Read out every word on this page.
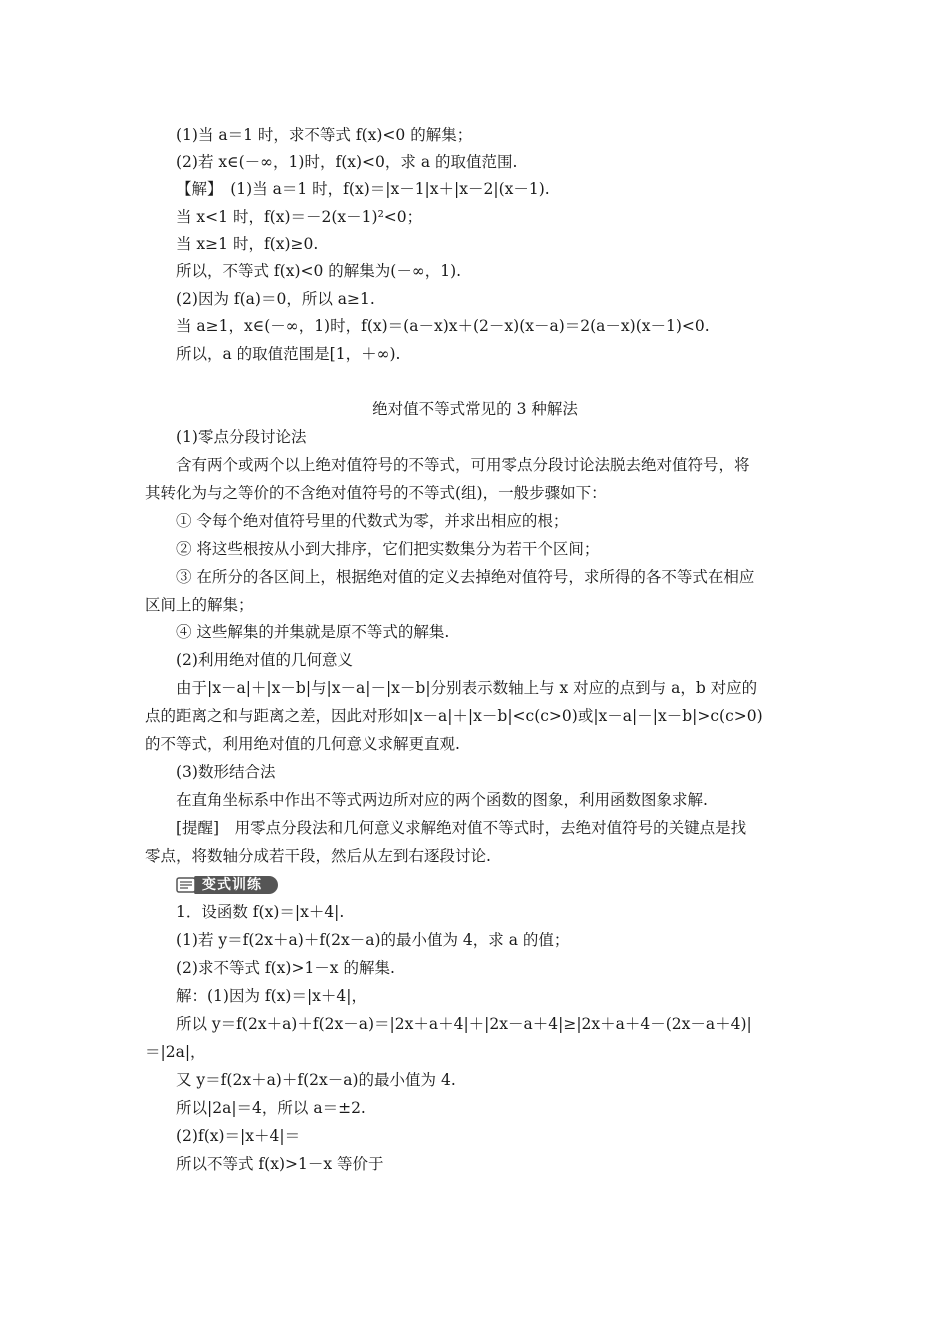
(1)当 a＝1 时，求不等式 f(x)<0 的解集；
(2)若 x∈(－∞，1)时，f(x)<0，求 a 的取值范围.
【解】　(1)当 a＝1 时，f(x)＝|x－1|x＋|x－2|(x－1).
当 x<1 时，f(x)＝－2(x－1)²<0；
当 x≥1 时，f(x)≥0.
所以，不等式 f(x)<0 的解集为(－∞，1).
(2)因为 f(a)＝0，所以 a≥1.
当 a≥1，x∈(－∞，1)时，f(x)＝(a－x)x＋(2－x)(x－a)＝2(a－x)(x－1)<0.
所以，a 的取值范围是[1，＋∞).
绝对值不等式常见的 3 种解法
(1)零点分段讨论法
含有两个或两个以上绝对值符号的不等式，可用零点分段讨论法脱去绝对值符号，将
其转化为与之等价的不含绝对值符号的不等式(组)，一般步骤如下：
① 令每个绝对值符号里的代数式为零，并求出相应的根；
② 将这些根按从小到大排序，它们把实数集分为若干个区间；
③ 在所分的各区间上，根据绝对值的定义去掉绝对值符号，求所得的各不等式在相应
区间上的解集；
④ 这些解集的并集就是原不等式的解集.
(2)利用绝对值的几何意义
由于|x－a|＋|x－b|与|x－a|－|x－b|分别表示数轴上与 x 对应的点到与 a，b 对应的
点的距离之和与距离之差，因此对形如|x－a|＋|x－b|<c(c>0)或|x－a|－|x－b|>c(c>0)
的不等式，利用绝对值的几何意义求解更直观.
(3)数形结合法
在直角坐标系中作出不等式两边所对应的两个函数的图象，利用函数图象求解.
[提醒]　用零点分段法和几何意义求解绝对值不等式时，去绝对值符号的关键点是找
零点，将数轴分成若干段，然后从左到右逐段讨论.
变式训练
1．设函数 f(x)＝|x＋4|.
(1)若 y＝f(2x＋a)＋f(2x－a)的最小值为 4，求 a 的值；
(2)求不等式 f(x)>1－x 的解集.
解：(1)因为 f(x)＝|x＋4|，
所以 y＝f(2x＋a)＋f(2x－a)＝|2x＋a＋4|＋|2x－a＋4|≥|2x＋a＋4－(2x－a＋4)|
＝|2a|，
又 y＝f(2x＋a)＋f(2x－a)的最小值为 4.
所以|2a|＝4，所以 a＝±2.
(2)f(x)＝|x＋4|＝
所以不等式 f(x)>1－x 等价于
